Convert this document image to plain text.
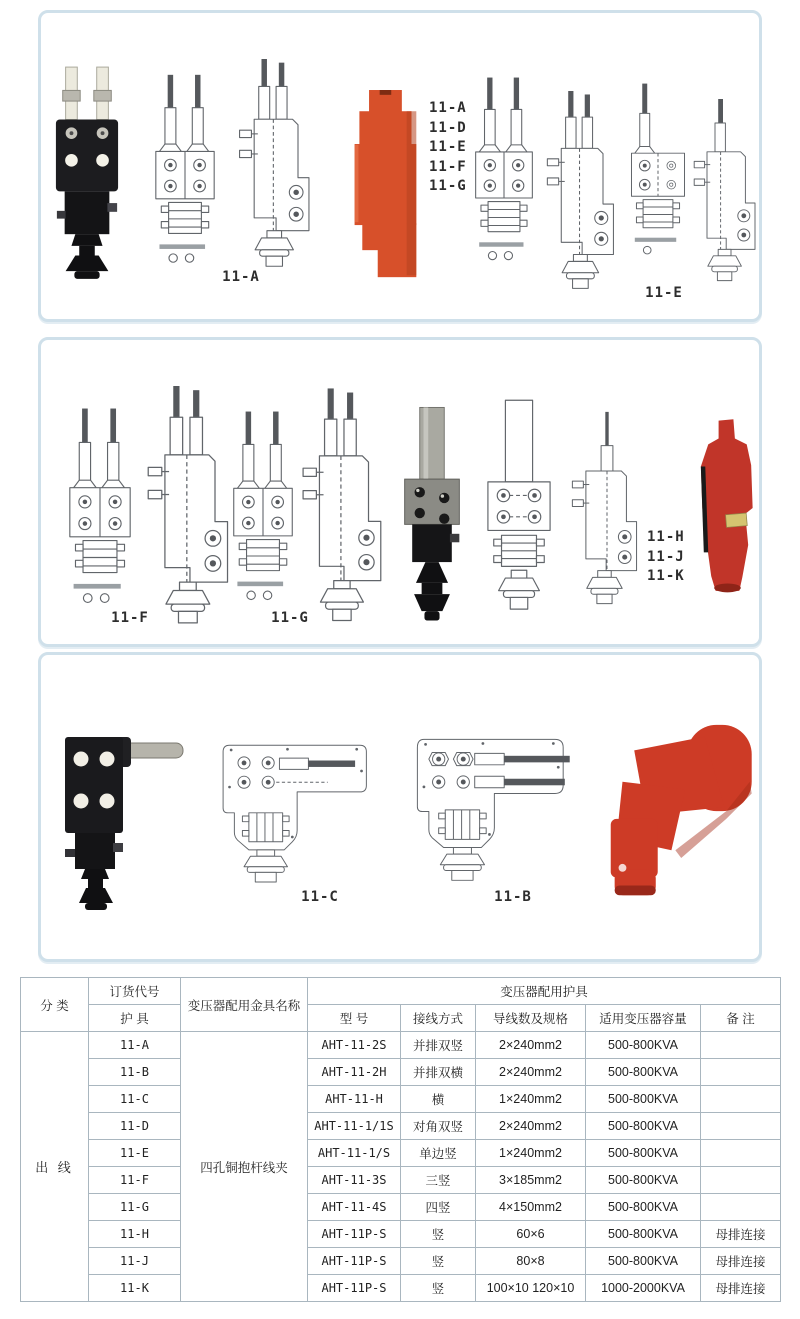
11-A
11-D
11-E
11-F
11-G
11-A
11-E
11-H
11-J
11-K
11-F	11-G
11-C	11-B
分 类	订货代号	变压器配用金具名称	变压器配用护具				
	护 具		型 号	接线方式	导线数及规格	适用变压器容量	备 注
出 线	11-A	四孔铜抱杆线夹	AHT-11-2S	并排双竖	2×240mm2	500-800KVA	
	11-B		AHT-11-2H	并排双横	2×240mm2	500-800KVA	
	11-C		AHT-11-H	横	1×240mm2	500-800KVA	
	11-D		AHT-11-1/1S	对角双竖	2×240mm2	500-800KVA	
	11-E		AHT-11-1/S	单边竖	1×240mm2	500-800KVA	
	11-F		AHT-11-3S	三竖	3×185mm2	500-800KVA	
	11-G		AHT-11-4S	四竖	4×150mm2	500-800KVA	
	11-H		AHT-11P-S	竖	60×6	500-800KVA	母排连接
	11-J		AHT-11P-S	竖	80×8	500-800KVA	母排连接
	11-K		AHT-11P-S	竖	100×10 120×10	1000-2000KVA	母排连接
